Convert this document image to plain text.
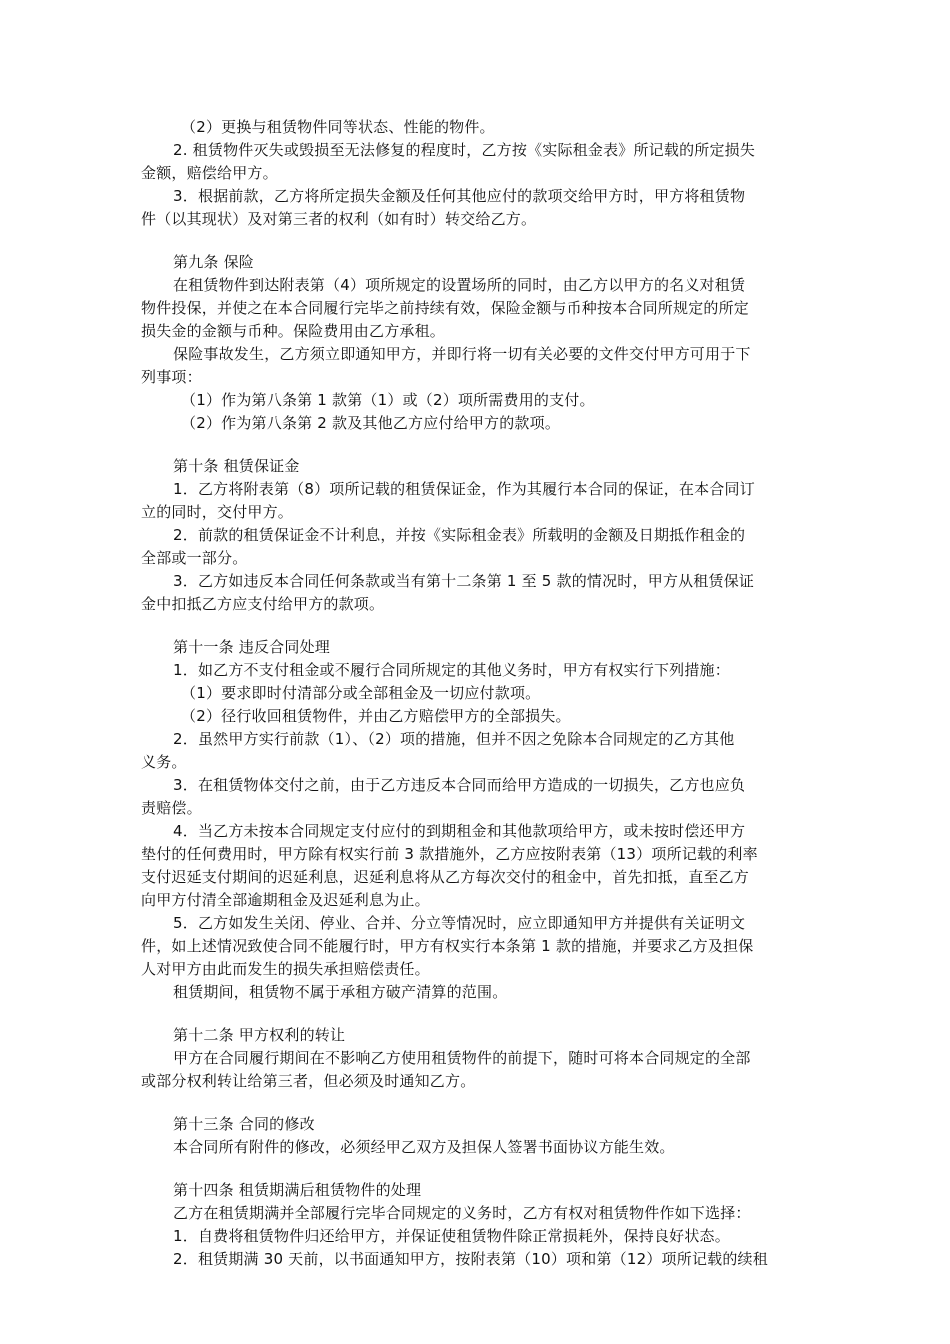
（2）更换与租赁物件同等状态、性能的物件。

2. 租赁物件灭失或毁损至无法修复的程度时，乙方按《实际租金表》所记载的所定损失

金额，赔偿给甲方。

3．根据前款，乙方将所定损失金额及任何其他应付的款项交给甲方时，甲方将租赁物

件（以其现状）及对第三者的权利（如有时）转交给乙方。

第九条 保险

在租赁物件到达附表第（4）项所规定的设置场所的同时，由乙方以甲方的名义对租赁

物件投保，并使之在本合同履行完毕之前持续有效，保险金额与币种按本合同所规定的所定

损失金的金额与币种。保险费用由乙方承租。

保险事故发生，乙方须立即通知甲方，并即行将一切有关必要的文件交付甲方可用于下

列事项：

（1）作为第八条第 1 款第（1）或（2）项所需费用的支付。

（2）作为第八条第 2 款及其他乙方应付给甲方的款项。

第十条 租赁保证金

1．乙方将附表第（8）项所记载的租赁保证金，作为其履行本合同的保证，在本合同订

立的同时，交付甲方。

2．前款的租赁保证金不计利息，并按《实际租金表》所载明的金额及日期抵作租金的

全部或一部分。

3．乙方如违反本合同任何条款或当有第十二条第 1 至 5 款的情况时，甲方从租赁保证

金中扣抵乙方应支付给甲方的款项。

第十一条 违反合同处理

1．如乙方不支付租金或不履行合同所规定的其他义务时，甲方有权实行下列措施：

（1）要求即时付清部分或全部租金及一切应付款项。

（2）径行收回租赁物件，并由乙方赔偿甲方的全部损失。

2．虽然甲方实行前款（1）、（2）项的措施，但并不因之免除本合同规定的乙方其他

义务。

3．在租赁物体交付之前，由于乙方违反本合同而给甲方造成的一切损失，乙方也应负

责赔偿。

4．当乙方未按本合同规定支付应付的到期租金和其他款项给甲方，或未按时偿还甲方

垫付的任何费用时，甲方除有权实行前 3 款措施外，乙方应按附表第（13）项所记载的利率

支付迟延支付期间的迟延利息，迟延利息将从乙方每次交付的租金中，首先扣抵，直至乙方

向甲方付清全部逾期租金及迟延利息为止。

5．乙方如发生关闭、停业、合并、分立等情况时，应立即通知甲方并提供有关证明文

件，如上述情况致使合同不能履行时，甲方有权实行本条第 1 款的措施，并要求乙方及担保

人对甲方由此而发生的损失承担赔偿责任。

租赁期间，租赁物不属于承租方破产清算的范围。

第十二条 甲方权利的转让

甲方在合同履行期间在不影响乙方使用租赁物件的前提下，随时可将本合同规定的全部

或部分权利转让给第三者，但必须及时通知乙方。

第十三条 合同的修改

本合同所有附件的修改，必须经甲乙双方及担保人签署书面协议方能生效。

第十四条 租赁期满后租赁物件的处理

乙方在租赁期满并全部履行完毕合同规定的义务时，乙方有权对租赁物件作如下选择：

1．自费将租赁物件归还给甲方，并保证使租赁物件除正常损耗外，保持良好状态。

2．租赁期满 30 天前，以书面通知甲方，按附表第（10）项和第（12）项所记载的续租
